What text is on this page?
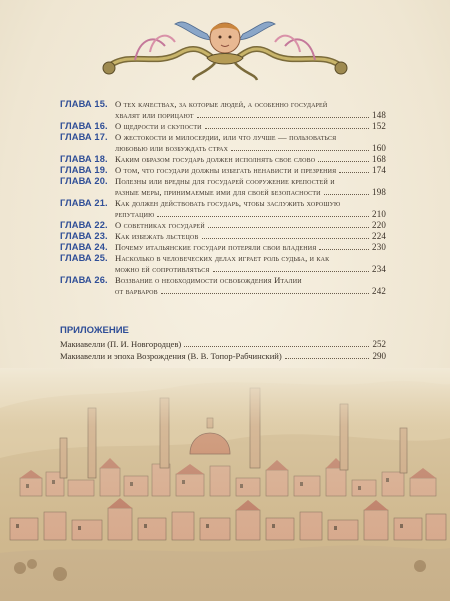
ГЛАВА 15. О тех качествах, за которые людей, а особенно государей
хвалят или порицают	148
ГЛАВА 16. О щедрости и скупости	152
ГЛАВА 17. О жестокости и милосердии, или что лучше — пользоваться
любовью или возбуждать страх	160
ГЛАВА 18. Каким образом государь должен исполнять свое слово	168
ГЛАВА 19. О том, что государи должны избегать ненависти и презрения	174
ГЛАВА 20. Полезны или вредны для государей сооружение крепостей и
разные меры, принимаемые ими для своей безопасности	198
ГЛАВА 21. Как должен действовать государь, чтобы заслужить хорошую
репутацию	210
ГЛАВА 22. О советниках государей	220
ГЛАВА 23. Как избежать льстецов	224
ГЛАВА 24. Почему итальянские государи потеряли свои владения	230
ГЛАВА 25. Насколько в человеческих делах играет роль судьба, и как
можно ей сопротивляться	234
ГЛАВА 26. Воззвание о необходимости освобождения Италии
от варваров	242
ПРИЛОЖЕНИЕ
Макиавелли (П. И. Новгородцев)	252
Макиавелли и эпоха Возрождения (В. В. Топор-Рабчинский)	290
